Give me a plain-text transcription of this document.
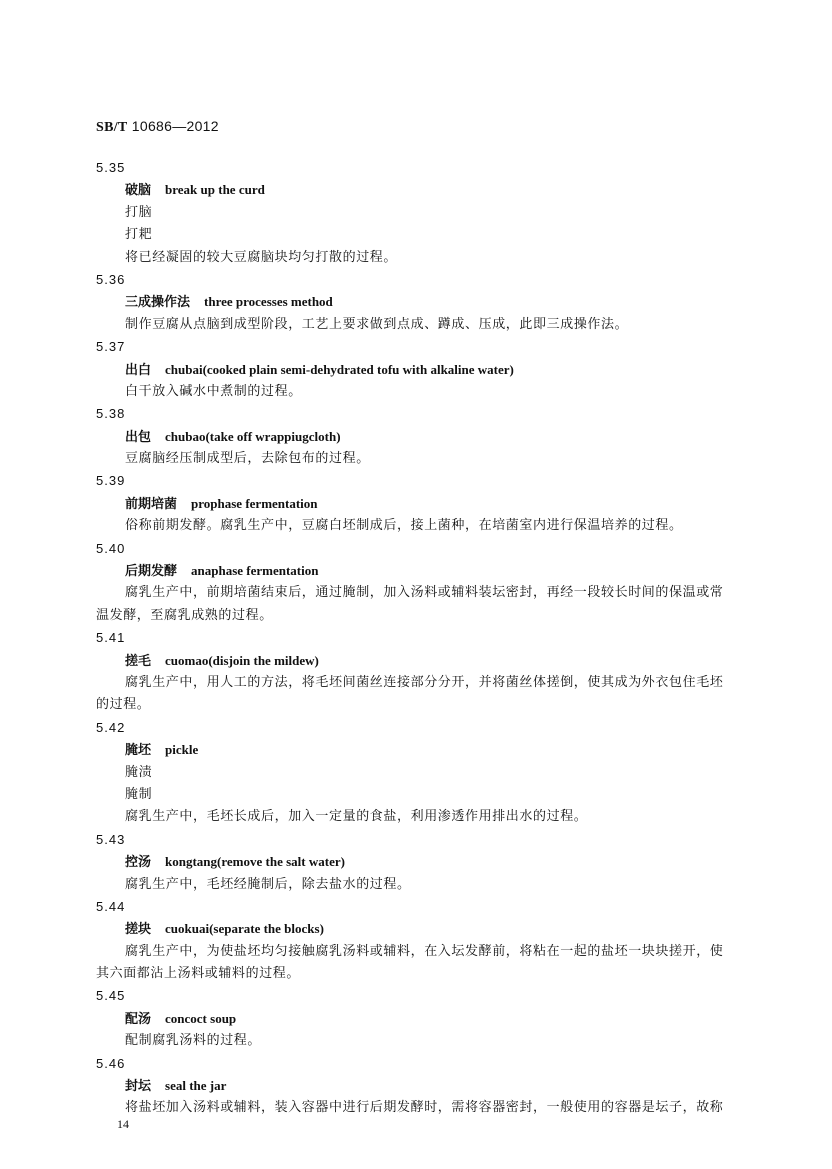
SB/T 10686—2012
5.35
破脑 break up the curd
打脑
打耙
将已经凝固的较大豆腐脑块均匀打散的过程。
5.36
三成操作法 three processes method
制作豆腐从点脑到成型阶段，工艺上要求做到点成、蹲成、压成，此即三成操作法。
5.37
出白 chubai(cooked plain semi-dehydrated tofu with alkaline water)
白干放入碱水中煮制的过程。
5.38
出包 chubao(take off wrappiugcloth)
豆腐脑经压制成型后，去除包布的过程。
5.39
前期培菌 prophase fermentation
俗称前期发酵。腐乳生产中，豆腐白坯制成后，接上菌种，在培菌室内进行保温培养的过程。
5.40
后期发酵 anaphase fermentation
腐乳生产中，前期培菌结束后，通过腌制，加入汤料或辅料装坛密封，再经一段较长时间的保温或常
温发酵，至腐乳成熟的过程。
5.41
搓毛 cuomao(disjoin the mildew)
腐乳生产中，用人工的方法，将毛坯间菌丝连接部分分开，并将菌丝体搓倒，使其成为外衣包住毛坯
的过程。
5.42
腌坯 pickle
腌渍
腌制
腐乳生产中，毛坯长成后，加入一定量的食盐，利用渗透作用排出水的过程。
5.43
控汤 kongtang(remove the salt water)
腐乳生产中，毛坯经腌制后，除去盐水的过程。
5.44
搓块 cuokuai(separate the blocks)
腐乳生产中，为使盐坯均匀接触腐乳汤料或辅料，在入坛发酵前，将粘在一起的盐坯一块块搓开，使
其六面都沾上汤料或辅料的过程。
5.45
配汤 concoct soup
配制腐乳汤料的过程。
5.46
封坛 seal the jar
将盐坯加入汤料或辅料，装入容器中进行后期发酵时，需将容器密封，一般使用的容器是坛子，故称
14
